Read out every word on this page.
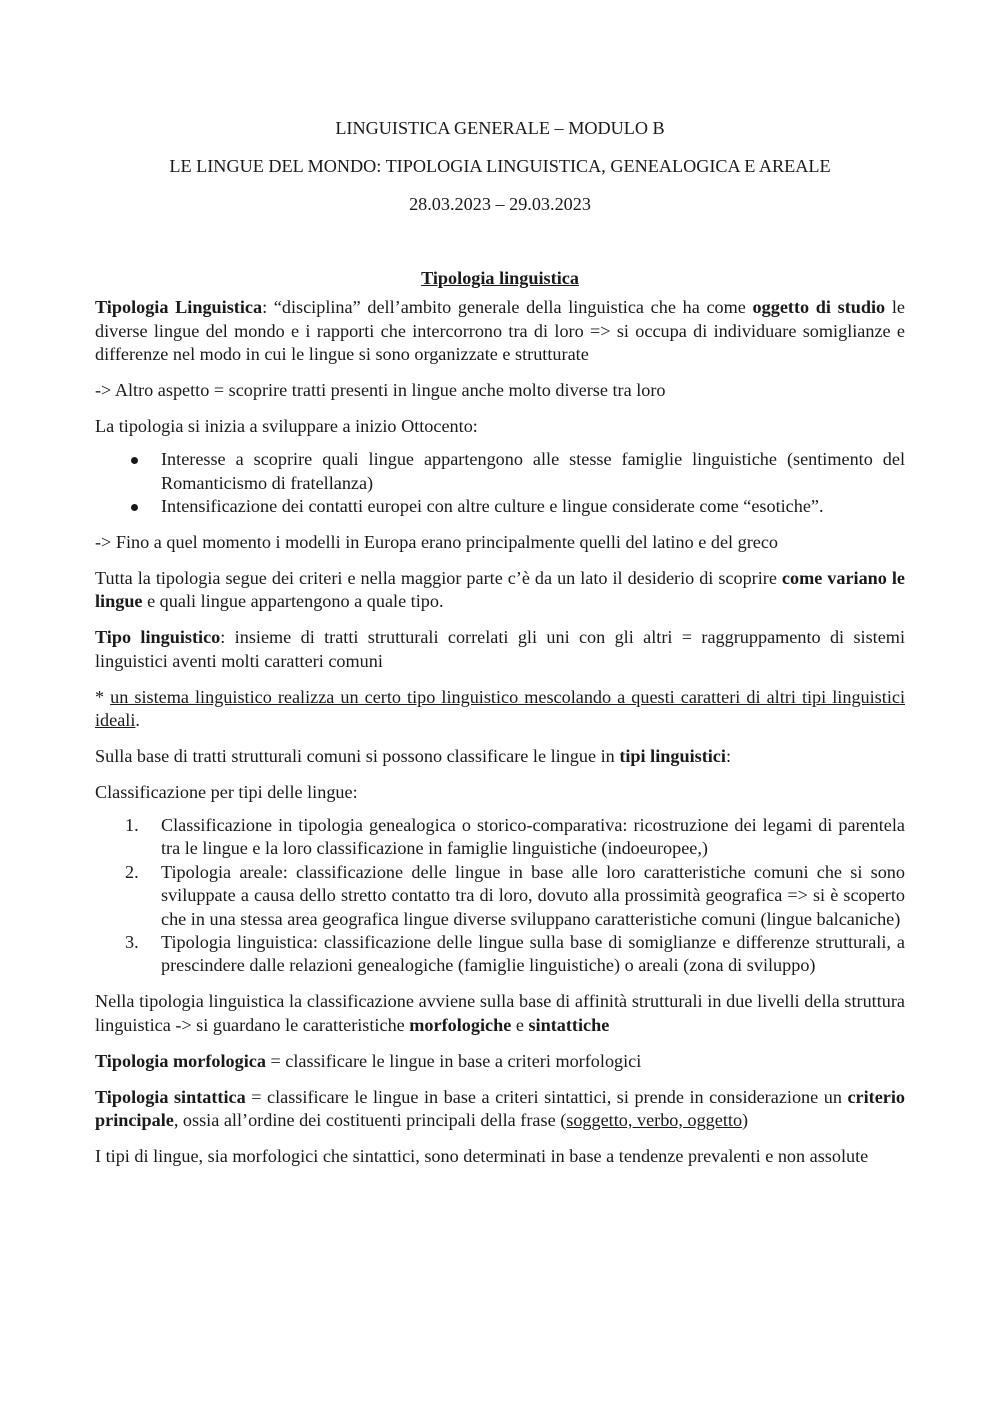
LINGUISTICA GENERALE – MODULO B
LE LINGUE DEL MONDO: TIPOLOGIA LINGUISTICA, GENEALOGICA E AREALE
28.03.2023 – 29.03.2023
Tipologia linguistica

Tipologia Linguistica: “disciplina” dell’ambito generale della linguistica che ha come oggetto di studio le diverse lingue del mondo e i rapporti che intercorrono tra di loro => si occupa di individuare somiglianze e differenze nel modo in cui le lingue si sono organizzate e strutturate

-> Altro aspetto = scoprire tratti presenti in lingue anche molto diverse tra loro

La tipologia si inizia a sviluppare a inizio Ottocento:

Interesse a scoprire quali lingue appartengono alle stesse famiglie linguistiche (sentimento del Romanticismo di fratellanza)
Intensificazione dei contatti europei con altre culture e lingue considerate come “esotiche”.

-> Fino a quel momento i modelli in Europa erano principalmente quelli del latino e del greco

Tutta la tipologia segue dei criteri e nella maggior parte c’è da un lato il desiderio di scoprire come variano le lingue e quali lingue appartengono a quale tipo.

Tipo linguistico: insieme di tratti strutturali correlati gli uni con gli altri = raggruppamento di sistemi linguistici aventi molti caratteri comuni

* un sistema linguistico realizza un certo tipo linguistico mescolando a questi caratteri di altri tipi linguistici ideali.

Sulla base di tratti strutturali comuni si possono classificare le lingue in tipi linguistici:

Classificazione per tipi delle lingue:

1. Classificazione in tipologia genealogica o storico-comparativa: ricostruzione dei legami di parentela tra le lingue e la loro classificazione in famiglie linguistiche (indoeuropee,)
2. Tipologia areale: classificazione delle lingue in base alle loro caratteristiche comuni che si sono sviluppate a causa dello stretto contatto tra di loro, dovuto alla prossimità geografica => si è scoperto che in una stessa area geografica lingue diverse sviluppano caratteristiche comuni (lingue balcaniche)
3. Tipologia linguistica: classificazione delle lingue sulla base di somiglianze e differenze strutturali, a prescindere dalle relazioni genealogiche (famiglie linguistiche) o areali (zona di sviluppo)

Nella tipologia linguistica la classificazione avviene sulla base di affinità strutturali in due livelli della struttura linguistica -> si guardano le caratteristiche morfologiche e sintattiche

Tipologia morfologica = classificare le lingue in base a criteri morfologici

Tipologia sintattica = classificare le lingue in base a criteri sintattici, si prende in considerazione un criterio principale, ossia all’ordine dei costituenti principali della frase (soggetto, verbo, oggetto)

I tipi di lingue, sia morfologici che sintattici, sono determinati in base a tendenze prevalenti e non assolute
